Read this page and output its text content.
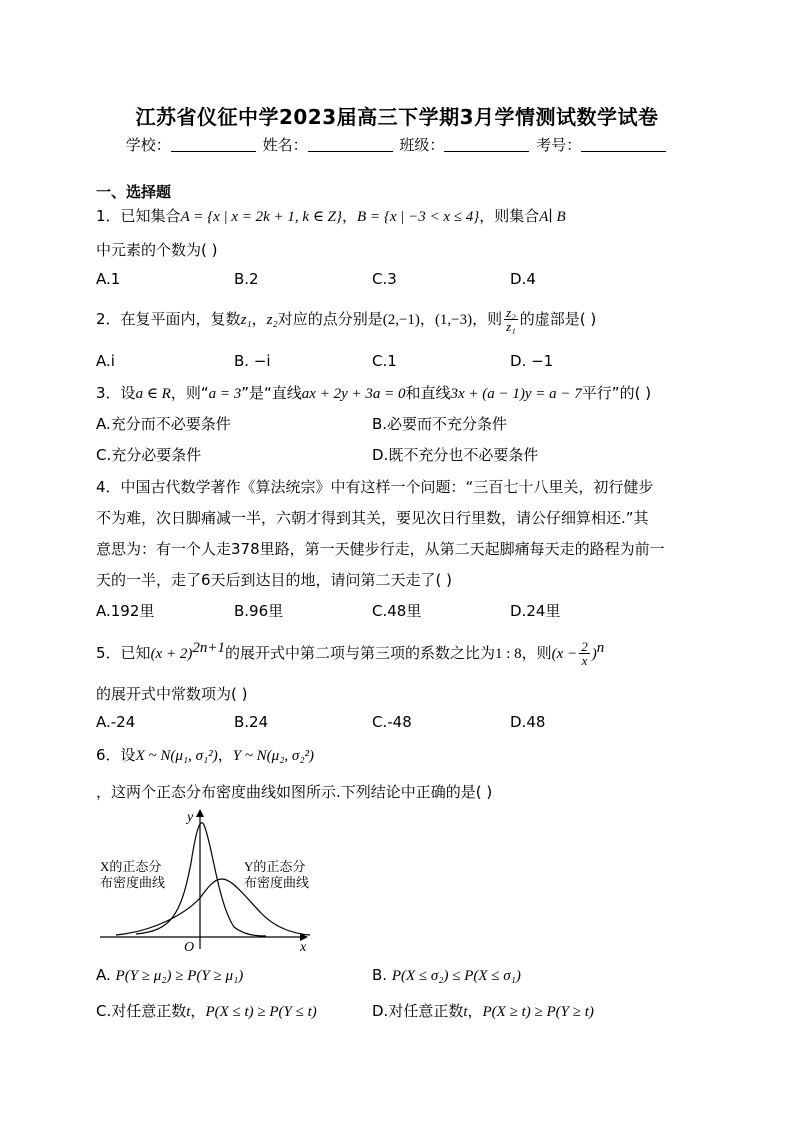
江苏省仪征中学2023届高三下学期3月学情测试数学试卷
学校：	姓名：	班级：	考号：
一、选择题
1．已知集合A = {x | x = 2k + 1, k ∈ Z}，B = {x | −3 < x ≤ 4}，则集合A∣ B
中元素的个数为( )
A.1	B.2	C.3	D.4
2．在复平面内，复数z₁，z₂对应的点分别是(2,−1)，(1,−3)，则 $\frac{\text{z₂}}{\text{z₁}}$ 的虚部是( )
A.i	B. −i	C.1	D. −1
3．设a ∈ R，则“a = 3”是“直线ax + 2y + 3a = 0和直线3x + (a − 1)y = a − 7平行”的( )
A.充分而不必要条件	B.必要而不充分条件
C.充分必要条件	D.既不充分也不必要条件
4．中国古代数学著作《算法统宗》中有这样一个问题：“三百七十八里关，初行健步
不为难，次日脚痛减一半，六朝才得到其关，要见次日行里数，请公仔细算相还.”其
意思为：有一个人走378里路，第一天健步行走，从第二天起脚痛每天走的路程为前一
天的一半，走了6天后到达目的地，请问第二天走了( )
A.192里	B.96里	C.48里	D.24里
5．已知$(x + 2)^{2n+1}$的展开式中第二项与第三项的系数之比为1 : 8，则$(x - \frac{2}{x} )^n$
的展开式中常数项为( )
A.-24	B.24	C.-48	D.48
6．设X ~ N(μ₁, σ₁²)，Y ~ N(μ₂, σ₂²)
，这两个正态分布密度曲线如图所示.下列结论中正确的是( )
X的正态分
布密度曲线
Y的正态分
布密度曲线
y
x
O
A. P(Y ≥ μ₂) ≥ P(Y ≥ μ₁)	B. P(X ≤ σ₂) ≤ P(X ≤ σ₁)
C.对任意正数t，P(X ≤ t) ≥ P(Y ≤ t)	D.对任意正数t，P(X ≥ t) ≥ P(Y ≥ t)
